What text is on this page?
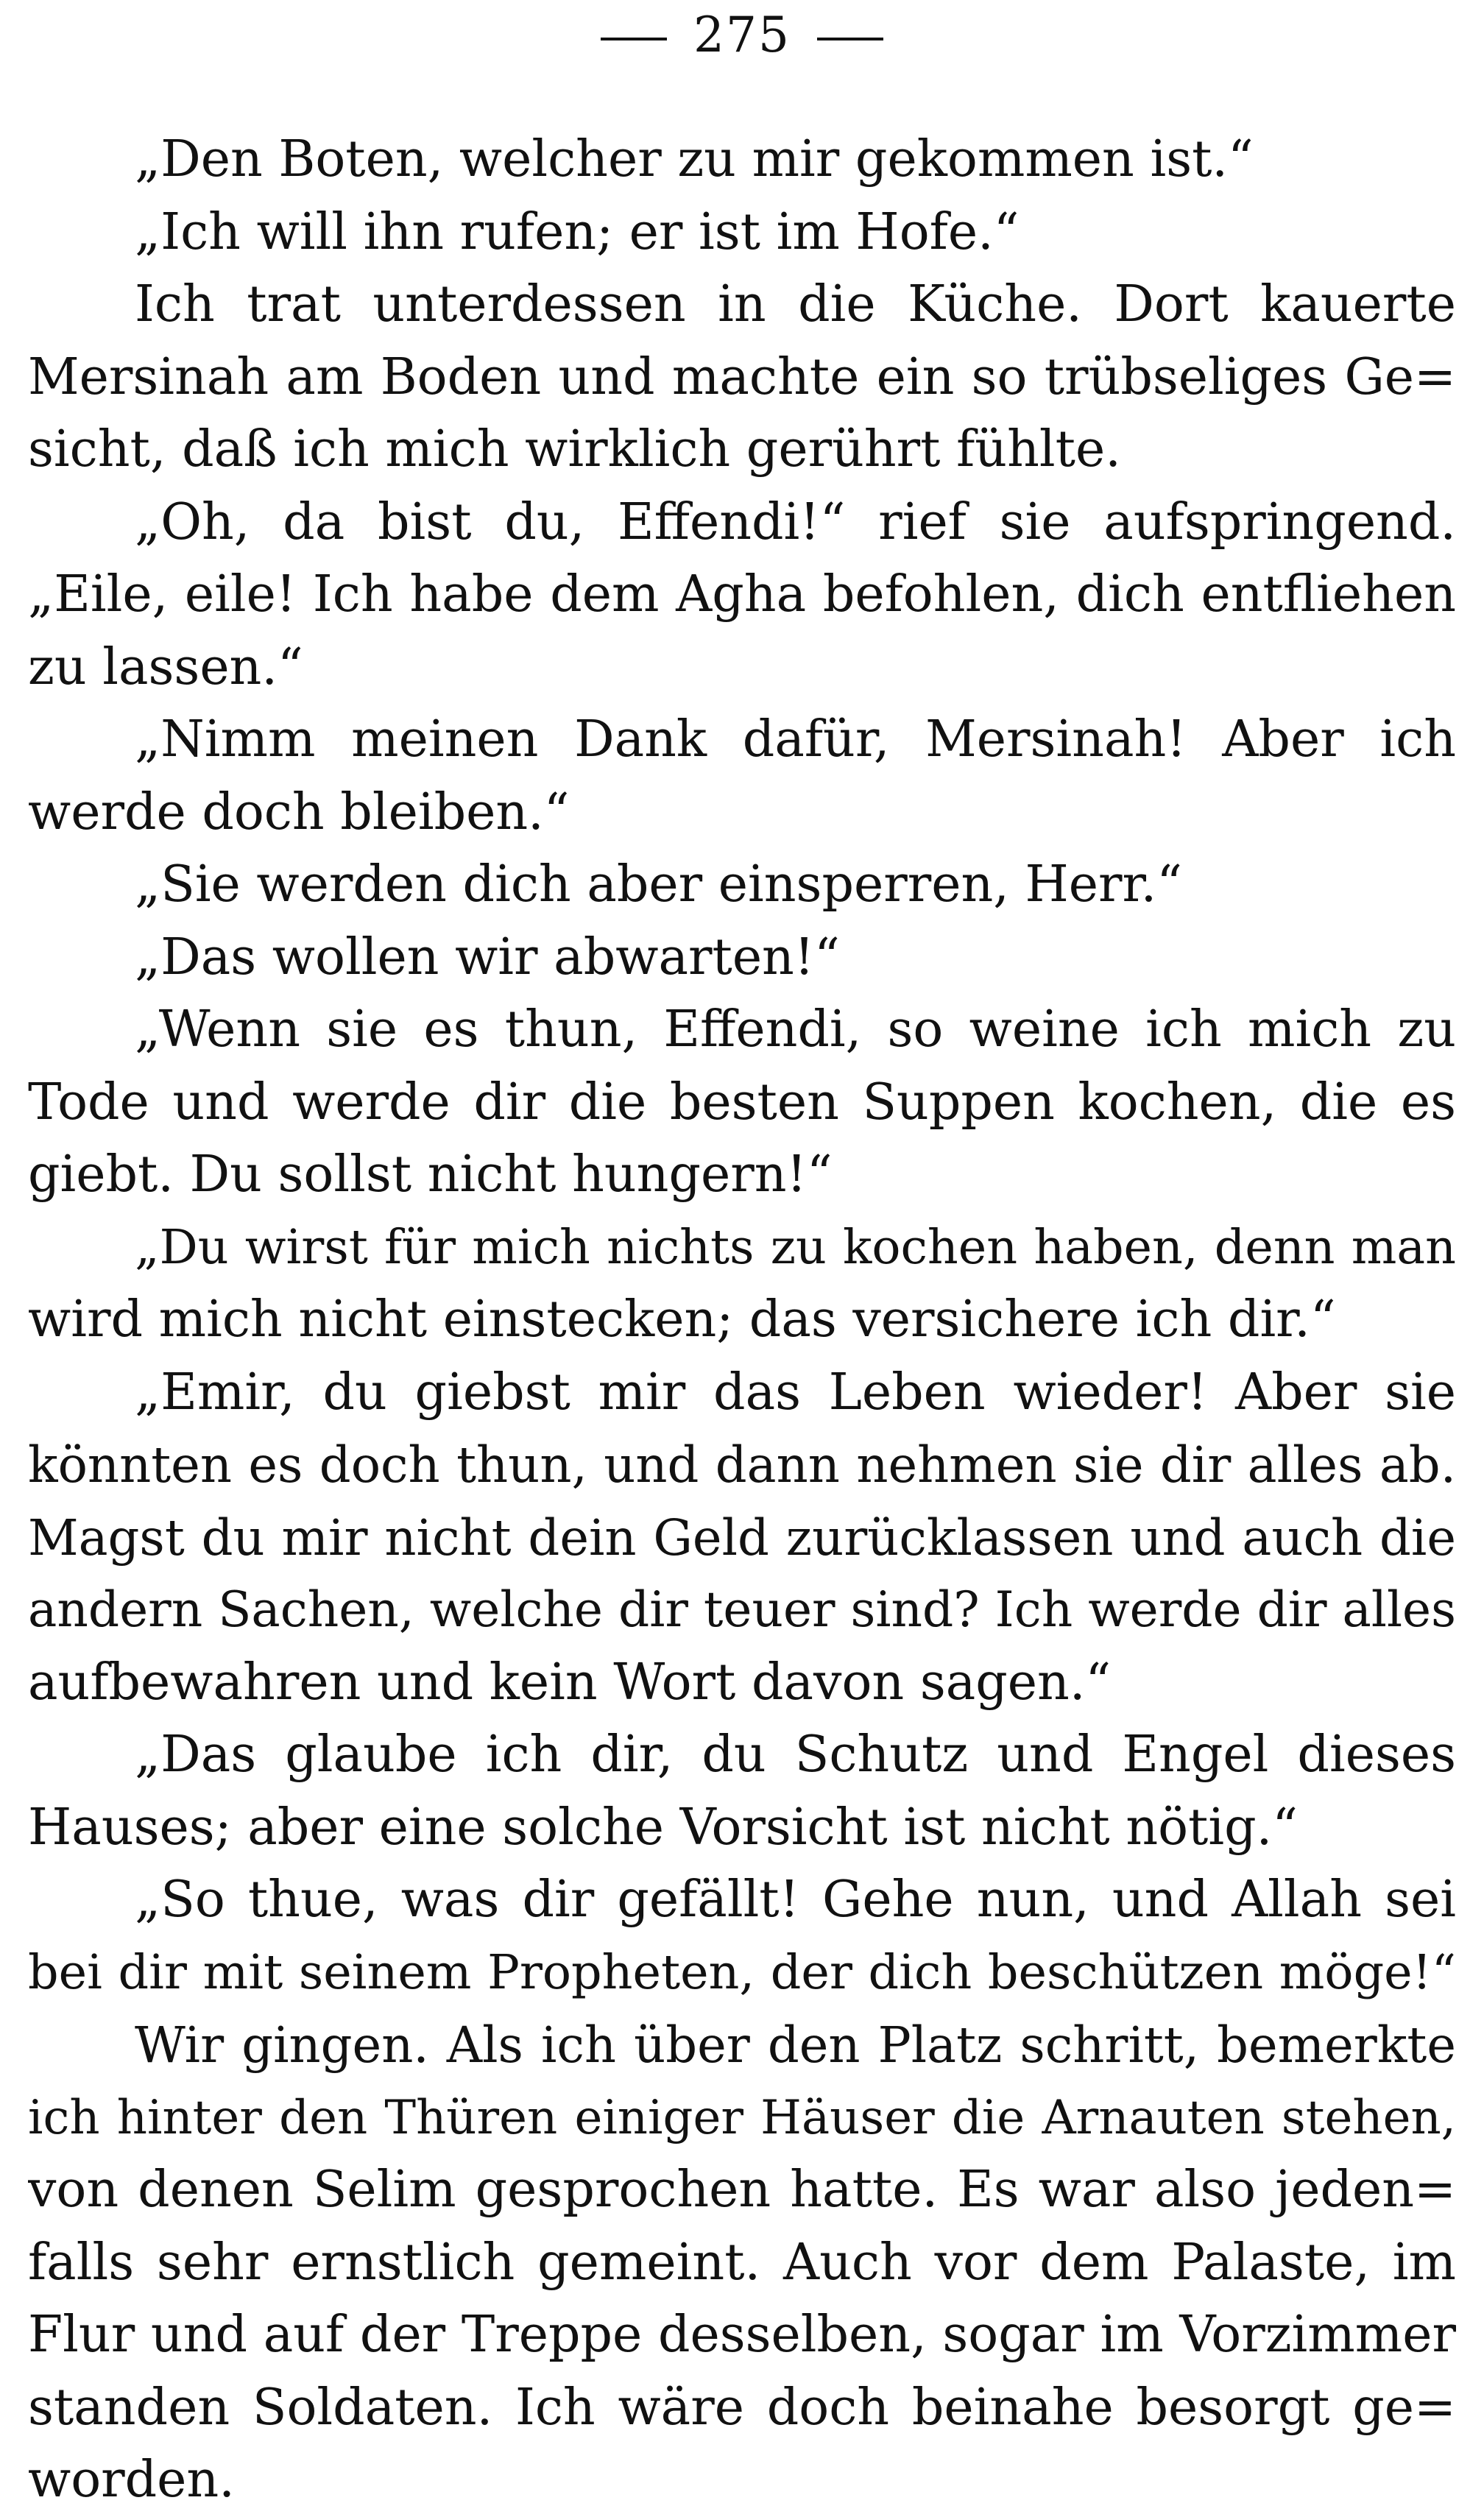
275
„Den Boten, welcher zu mir gekommen ist.“
„Ich will ihn rufen; er ist im Hofe.“
Ich trat unterdessen in die Küche. Dort kauerte
Mersinah am Boden und machte ein so trübseliges Ge=
sicht, daß ich mich wirklich gerührt fühlte.
„Oh, da bist du, Effendi!“ rief sie aufspringend.
„Eile, eile! Ich habe dem Agha befohlen, dich entfliehen
zu lassen.“
„Nimm meinen Dank dafür, Mersinah! Aber ich
werde doch bleiben.“
„Sie werden dich aber einsperren, Herr.“
„Das wollen wir abwarten!“
„Wenn sie es thun, Effendi, so weine ich mich zu
Tode und werde dir die besten Suppen kochen, die es
giebt. Du sollst nicht hungern!“
„Du wirst für mich nichts zu kochen haben, denn man
wird mich nicht einstecken; das versichere ich dir.“
„Emir, du giebst mir das Leben wieder! Aber sie
könnten es doch thun, und dann nehmen sie dir alles ab.
Magst du mir nicht dein Geld zurücklassen und auch die
andern Sachen, welche dir teuer sind? Ich werde dir alles
aufbewahren und kein Wort davon sagen.“
„Das glaube ich dir, du Schutz und Engel dieses
Hauses; aber eine solche Vorsicht ist nicht nötig.“
„So thue, was dir gefällt! Gehe nun, und Allah sei
bei dir mit seinem Propheten, der dich beschützen möge!“
Wir gingen. Als ich über den Platz schritt, bemerkte
ich hinter den Thüren einiger Häuser die Arnauten stehen,
von denen Selim gesprochen hatte. Es war also jeden=
falls sehr ernstlich gemeint. Auch vor dem Palaste, im
Flur und auf der Treppe desselben, sogar im Vorzimmer
standen Soldaten. Ich wäre doch beinahe besorgt ge=
worden.
